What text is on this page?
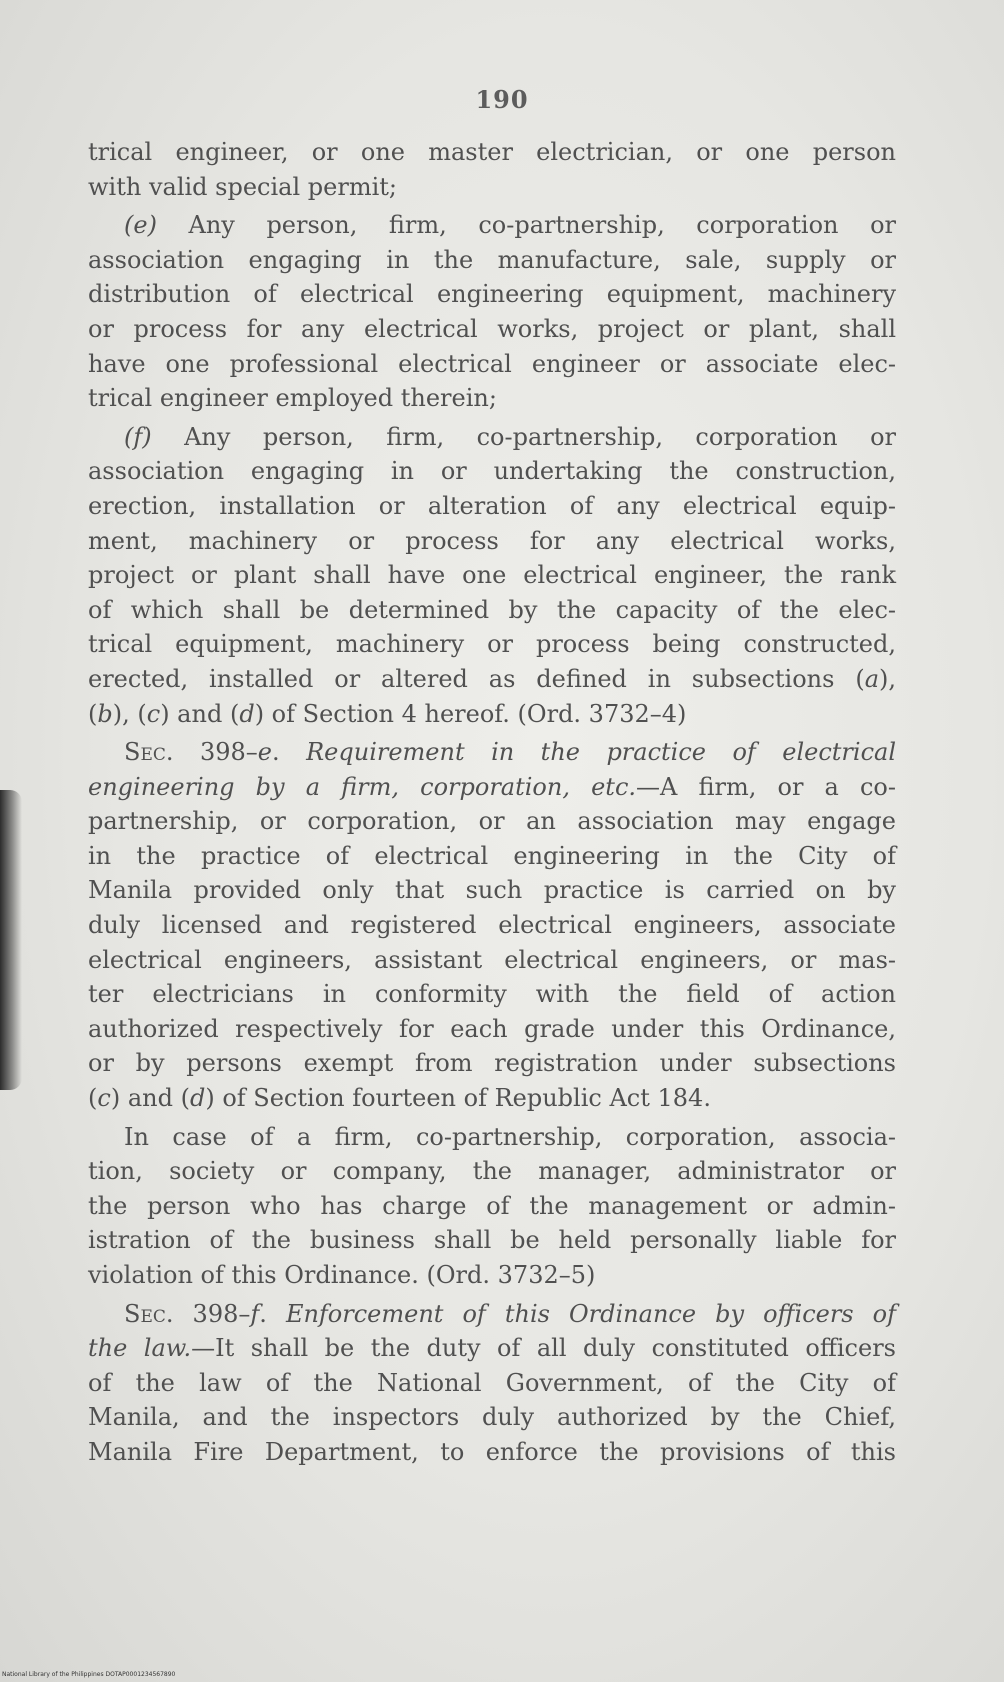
190
trical engineer, or one master electrician, or one person
with valid special permit;
(e) Any person, firm, co-partnership, corporation or
association engaging in the manufacture, sale, supply or
distribution of electrical engineering equipment, machinery
or process for any electrical works, project or plant, shall
have one professional electrical engineer or associate elec-
trical engineer employed therein;
(f) Any person, firm, co-partnership, corporation or
association engaging in or undertaking the construction,
erection, installation or alteration of any electrical equip-
ment, machinery or process for any electrical works,
project or plant shall have one electrical engineer, the rank
of which shall be determined by the capacity of the elec-
trical equipment, machinery or process being constructed,
erected, installed or altered as defined in subsections (a),
(b), (c) and (d) of Section 4 hereof. (Ord. 3732–4)
Sec. 398–e. Requirement in the practice of electrical
engineering by a firm, corporation, etc.—A firm, or a co-
partnership, or corporation, or an association may engage
in the practice of electrical engineering in the City of
Manila provided only that such practice is carried on by
duly licensed and registered electrical engineers, associate
electrical engineers, assistant electrical engineers, or mas-
ter electricians in conformity with the field of action
authorized respectively for each grade under this Ordinance,
or by persons exempt from registration under subsections
(c) and (d) of Section fourteen of Republic Act 184.
In case of a firm, co-partnership, corporation, associa-
tion, society or company, the manager, administrator or
the person who has charge of the management or admin-
istration of the business shall be held personally liable for
violation of this Ordinance. (Ord. 3732–5)
Sec. 398–f. Enforcement of this Ordinance by officers of
the law.—It shall be the duty of all duly constituted officers
of the law of the National Government, of the City of
Manila, and the inspectors duly authorized by the Chief,
Manila Fire Department, to enforce the provisions of this
National Library of the Philippines DOTAP0001234567890
